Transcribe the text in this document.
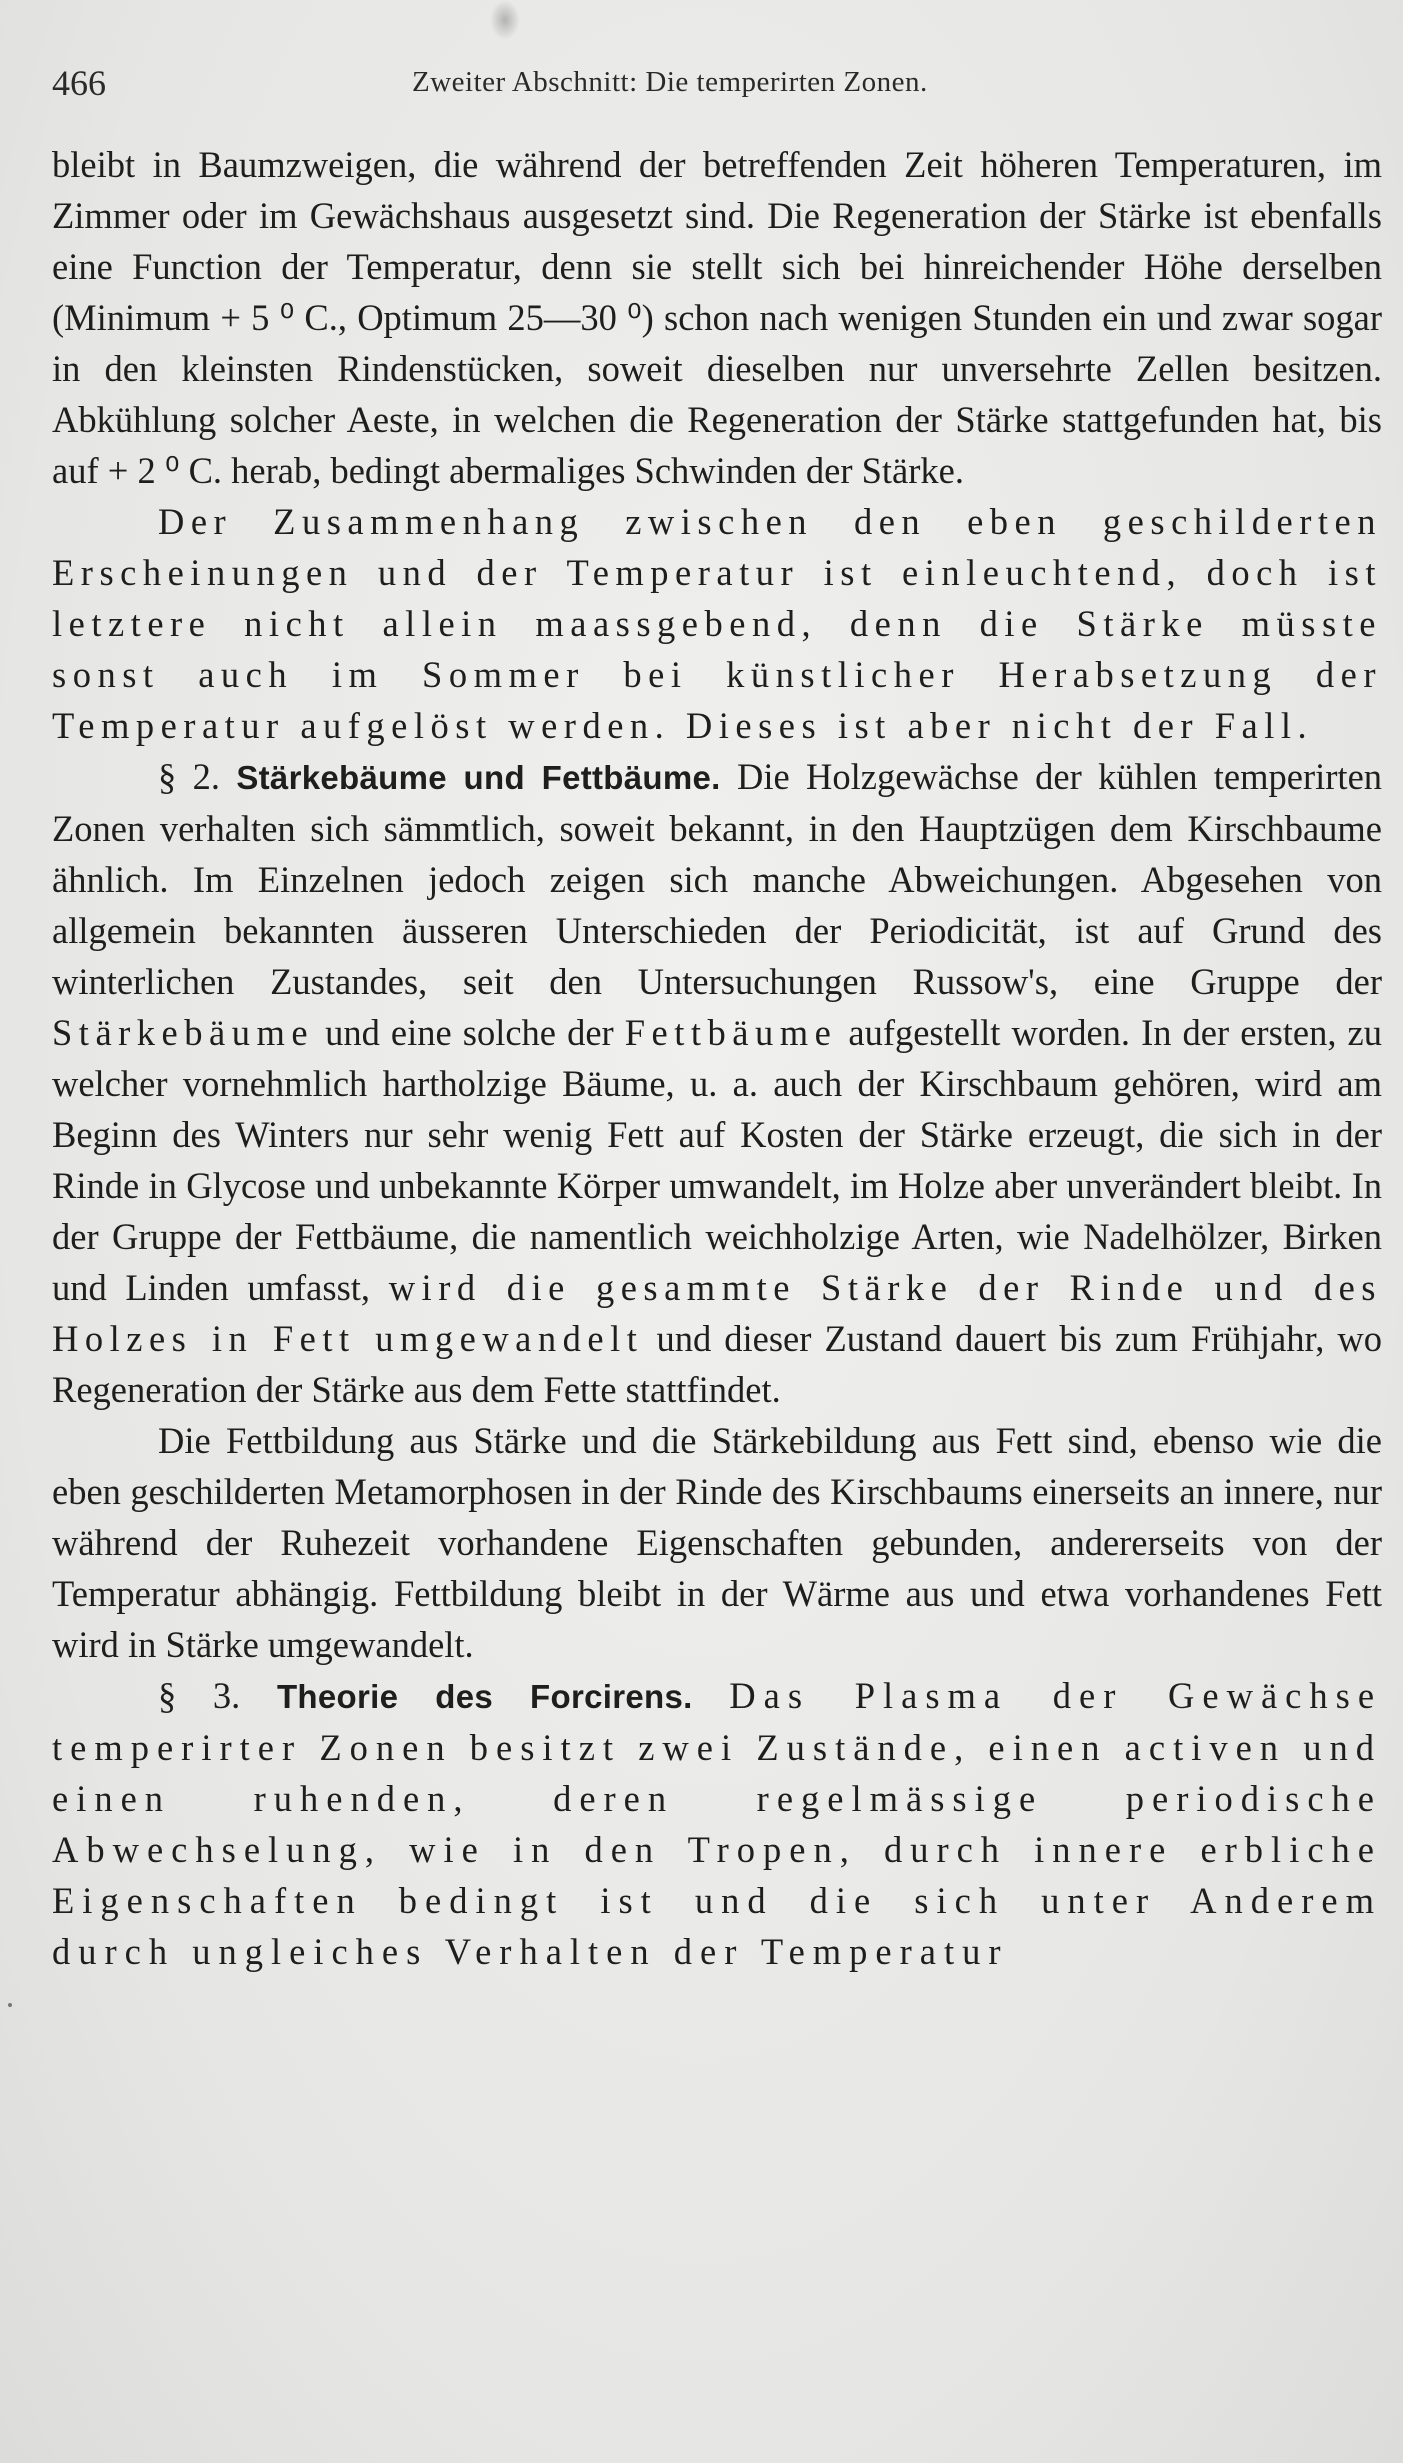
466	Zweiter Abschnitt: Die temperirten Zonen.

bleibt in Baumzweigen, die während der betreffenden Zeit höheren Temperaturen, im Zimmer oder im Gewächshaus ausgesetzt sind. Die Regeneration der Stärke ist ebenfalls eine Function der Temperatur, denn sie stellt sich bei hinreichender Höhe derselben (Minimum + 5 ⁰ C., Optimum 25—30 ⁰) schon nach wenigen Stunden ein und zwar sogar in den kleinsten Rindenstücken, soweit dieselben nur unversehrte Zellen besitzen. Abkühlung solcher Aeste, in welchen die Regeneration der Stärke stattgefunden hat, bis auf + 2 ⁰ C. herab, bedingt abermaliges Schwinden der Stärke.

Der Zusammenhang zwischen den eben geschilderten Erscheinungen und der Temperatur ist einleuchtend, doch ist letztere nicht allein maassgebend, denn die Stärke müsste sonst auch im Sommer bei künstlicher Herabsetzung der Temperatur aufgelöst werden. Dieses ist aber nicht der Fall.

§ 2. Stärkebäume und Fettbäume. Die Holzgewächse der kühlen temperirten Zonen verhalten sich sämmtlich, soweit bekannt, in den Hauptzügen dem Kirschbaume ähnlich. Im Einzelnen jedoch zeigen sich manche Abweichungen. Abgesehen von allgemein bekannten äusseren Unterschieden der Periodicität, ist auf Grund des winterlichen Zustandes, seit den Untersuchungen Russow's, eine Gruppe der Stärkebäume und eine solche der Fettbäume aufgestellt worden. In der ersten, zu welcher vornehmlich hartholzige Bäume, u. a. auch der Kirschbaum gehören, wird am Beginn des Winters nur sehr wenig Fett auf Kosten der Stärke erzeugt, die sich in der Rinde in Glycose und unbekannte Körper umwandelt, im Holze aber unverändert bleibt. In der Gruppe der Fettbäume, die namentlich weichholzige Arten, wie Nadelhölzer, Birken und Linden umfasst, wird die gesammte Stärke der Rinde und des Holzes in Fett umgewandelt und dieser Zustand dauert bis zum Frühjahr, wo Regeneration der Stärke aus dem Fette stattfindet.

Die Fettbildung aus Stärke und die Stärkebildung aus Fett sind, ebenso wie die eben geschilderten Metamorphosen in der Rinde des Kirschbaums einerseits an innere, nur während der Ruhezeit vorhandene Eigenschaften gebunden, andererseits von der Temperatur abhängig. Fettbildung bleibt in der Wärme aus und etwa vorhandenes Fett wird in Stärke umgewandelt.

§ 3. Theorie des Forcirens. Das Plasma der Gewächse temperirter Zonen besitzt zwei Zustände, einen activen und einen ruhenden, deren regelmässige periodische Abwechselung, wie in den Tropen, durch innere erbliche Eigenschaften bedingt ist und die sich unter Anderem durch ungleiches Verhalten der Temperatur
